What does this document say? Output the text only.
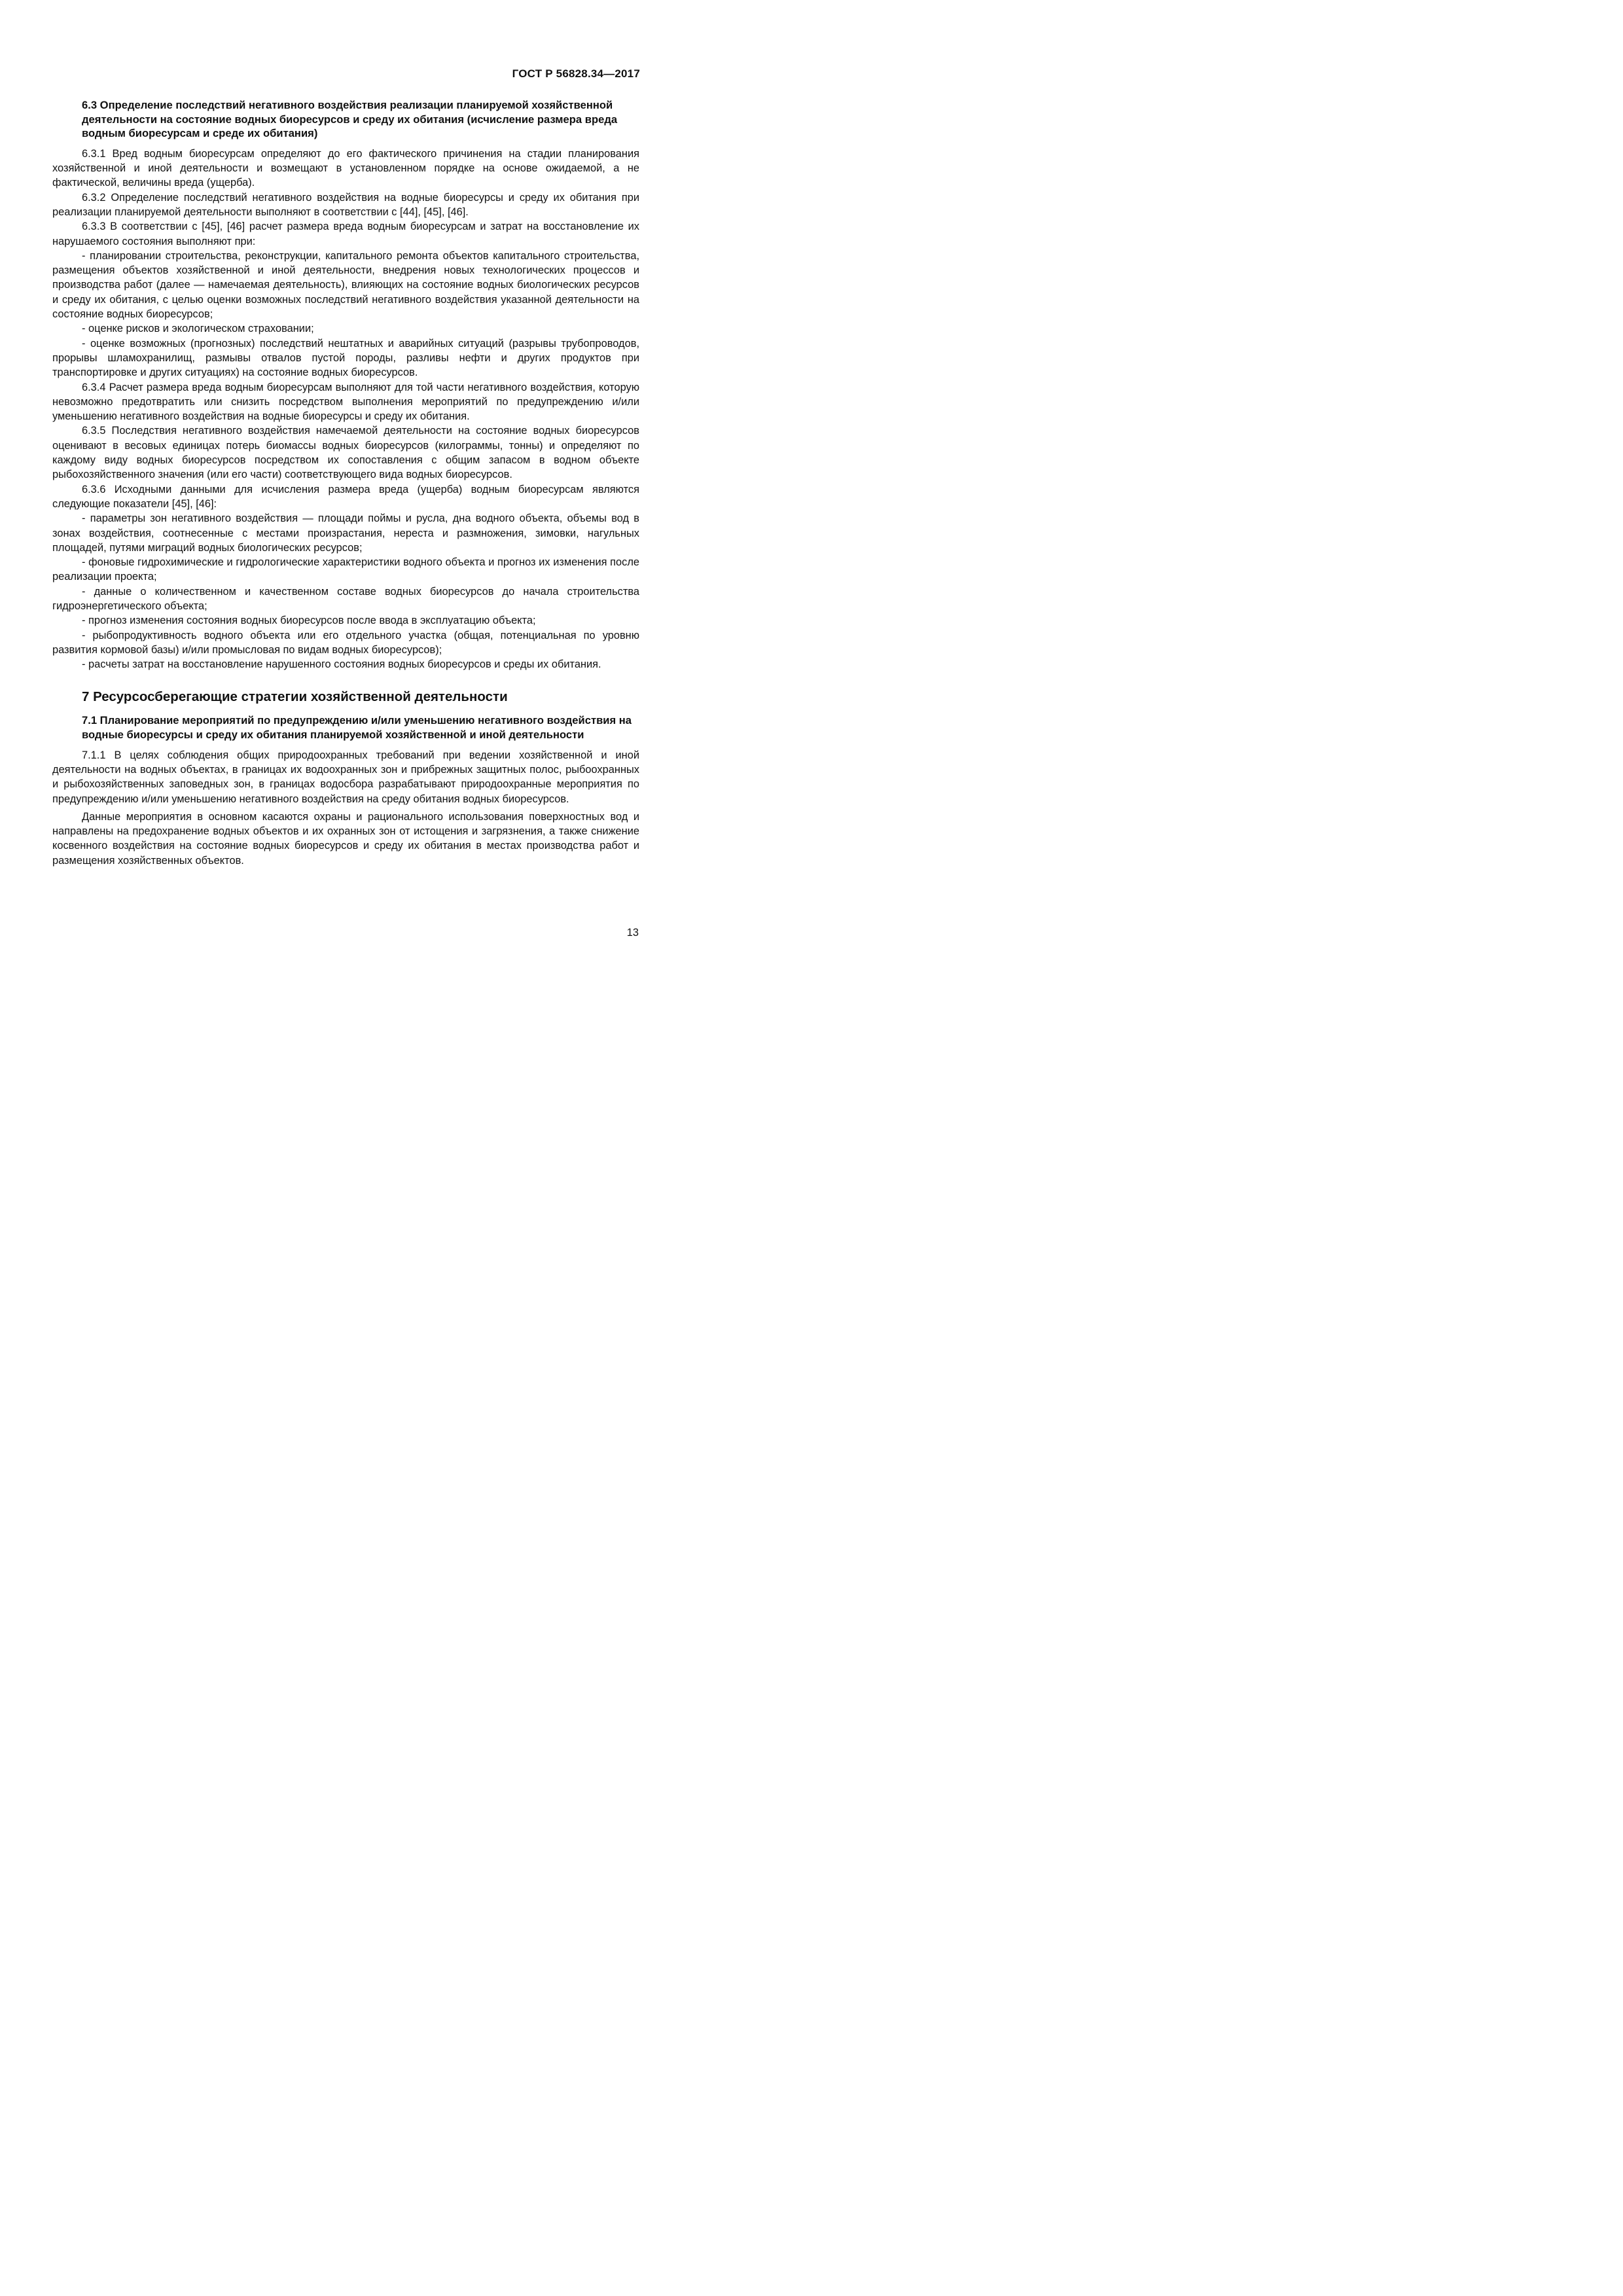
ГОСТ Р 56828.34—2017
6.3 Определение последствий негативного воздействия реализации планируемой хозяйственной деятельности на состояние водных биоресурсов и среду их обитания (исчисление размера вреда водным биоресурсам и среде их обитания)

6.3.1 Вред водным биоресурсам определяют до его фактического причинения на стадии планирования хозяйственной и иной деятельности и возмещают в установленном порядке на основе ожидаемой, а не фактической, величины вреда (ущерба).

6.3.2 Определение последствий негативного воздействия на водные биоресурсы и среду их обитания при реализации планируемой деятельности выполняют в соответствии с [44], [45], [46].

6.3.3 В соответствии с [45], [46] расчет размера вреда водным биоресурсам и затрат на восстановление их нарушаемого состояния выполняют при:

- планировании строительства, реконструкции, капитального ремонта объектов капитального строительства, размещения объектов хозяйственной и иной деятельности, внедрения новых технологических процессов и производства работ (далее — намечаемая деятельность), влияющих на состояние водных биологических ресурсов и среду их обитания, с целью оценки возможных последствий негативного воздействия указанной деятельности на состояние водных биоресурсов;

- оценке рисков и экологическом страховании;

- оценке возможных (прогнозных) последствий нештатных и аварийных ситуаций (разрывы трубопроводов, прорывы шламохранилищ, размывы отвалов пустой породы, разливы нефти и других продуктов при транспортировке и других ситуациях) на состояние водных биоресурсов.

6.3.4 Расчет размера вреда водным биоресурсам выполняют для той части негативного воздействия, которую невозможно предотвратить или снизить посредством выполнения мероприятий по предупреждению и/или уменьшению негативного воздействия на водные биоресурсы и среду их обитания.

6.3.5 Последствия негативного воздействия намечаемой деятельности на состояние водных биоресурсов оценивают в весовых единицах потерь биомассы водных биоресурсов (килограммы, тонны) и определяют по каждому виду водных биоресурсов посредством их сопоставления с общим запасом в водном объекте рыбохозяйственного значения (или его части) соответствующего вида водных биоресурсов.

6.3.6 Исходными данными для исчисления размера вреда (ущерба) водным биоресурсам являются следующие показатели [45], [46]:

- параметры зон негативного воздействия — площади поймы и русла, дна водного объекта, объемы вод в зонах воздействия, соотнесенные с местами произрастания, нереста и размножения, зимовки, нагульных площадей, путями миграций водных биологических ресурсов;

- фоновые гидрохимические и гидрологические характеристики водного объекта и прогноз их изменения после реализации проекта;

- данные о количественном и качественном составе водных биоресурсов до начала строительства гидроэнергетического объекта;

- прогноз изменения состояния водных биоресурсов после ввода в эксплуатацию объекта;

- рыбопродуктивность водного объекта или его отдельного участка (общая, потенциальная по уровню развития кормовой базы) и/или промысловая по видам водных биоресурсов);

- расчеты затрат на восстановление нарушенного состояния водных биоресурсов и среды их обитания.

7 Ресурсосберегающие стратегии хозяйственной деятельности
7.1 Планирование мероприятий по предупреждению и/или уменьшению негативного воздействия на водные биоресурсы и среду их обитания планируемой хозяйственной и иной деятельности

7.1.1 В целях соблюдения общих природоохранных требований при ведении хозяйственной и иной деятельности на водных объектах, в границах их водоохранных зон и прибрежных защитных полос, рыбоохранных и рыбохозяйственных заповедных зон, в границах водосбора разрабатывают природоохранные мероприятия по предупреждению и/или уменьшению негативного воздействия на среду обитания водных биоресурсов.

Данные мероприятия в основном касаются охраны и рационального использования поверхностных вод и направлены на предохранение водных объектов и их охранных зон от истощения и загрязнения, а также снижение косвенного воздействия на состояние водных биоресурсов и среду их обитания в местах производства работ и размещения хозяйственных объектов.

13
